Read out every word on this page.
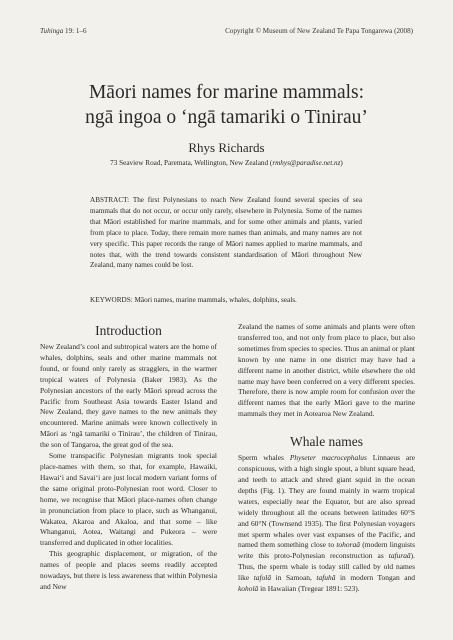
Tuhinga 19: 1–6	Copyright © Museum of New Zealand Te Papa Tongarewa (2008)
Māori names for marine mammals:
ngā ingoa o ‘ngā tamariki o Tinirau’
Rhys Richards
73 Seaview Road, Paremata, Wellington, New Zealand (rmhys@paradise.net.nz)

ABSTRACT: The first Polynesians to reach New Zealand found several species of sea mammals that do not occur, or occur only rarely, elsewhere in Polynesia. Some of the names that Māori established for marine mammals, and for some other animals and plants, varied from place to place. Today, there remain more names than animals, and many names are not very specific. This paper records the range of Māori names applied to marine mammals, and notes that, with the trend towards consistent standardisation of Māori throughout New Zealand, many names could be lost.

KEYWORDS: Māori names, marine mammals, whales, dolphins, seals.

Introduction

New Zealand’s cool and subtropical waters are the home of whales, dolphins, seals and other marine mammals not found, or found only rarely as stragglers, in the warmer tropical waters of Polynesia (Baker 1983). As the Polynesian ancestors of the early Māori spread across the Pacific from Southeast Asia towards Easter Island and New Zealand, they gave names to the new animals they encountered. Marine animals were known collectively in Māori as ‘ngā tamariki o Tinirau’, the children of Tinirau, the son of Tangaroa, the great god of the sea.

Some transpacific Polynesian migrants took special place-names with them, so that, for example, Hawaiki, Hawai‘i and Savai‘i are just local modern variant forms of the same original proto-Polynesian root word. Closer to home, we recognise that Māori place-names often change in pronunciation from place to place, such as Whanganui, Wakatea, Akaroa and Akaloa, and that some – like Whanganui, Aotea, Waitangi and Pukeora – were transferred and duplicated in other localities.

This geographic displacement, or migration, of the names of people and places seems readily accepted nowadays, but there is less awareness that within Polynesia and New

Zealand the names of some animals and plants were often transferred too, and not only from place to place, but also sometimes from species to species. Thus an animal or plant known by one name in one district may have had a different name in another district, while elsewhere the old name may have been conferred on a very different species. Therefore, there is now ample room for confusion over the different names that the early Māori gave to the marine mammals they met in Aotearoa New Zealand.

Whale names

Sperm whales Physeter macrocephalus Linnaeus are conspicuous, with a high single spout, a blunt square head, and teeth to attack and shred giant squid in the ocean depths (Fig. 1). They are found mainly in warm tropical waters, especially near the Equator, but are also spread widely throughout all the oceans between latitudes 60°S and 60°N (Townsend 1935). The first Polynesian voyagers met sperm whales over vast expanses of the Pacific, and named them something close to tohoraā (modern linguists write this proto-Polynesian reconstruction as tafuraā). Thus, the sperm whale is today still called by old names like tafolā in Samoan, tafuhā in modern Tongan and koholā in Hawaiian (Tregear 1891: 523).
